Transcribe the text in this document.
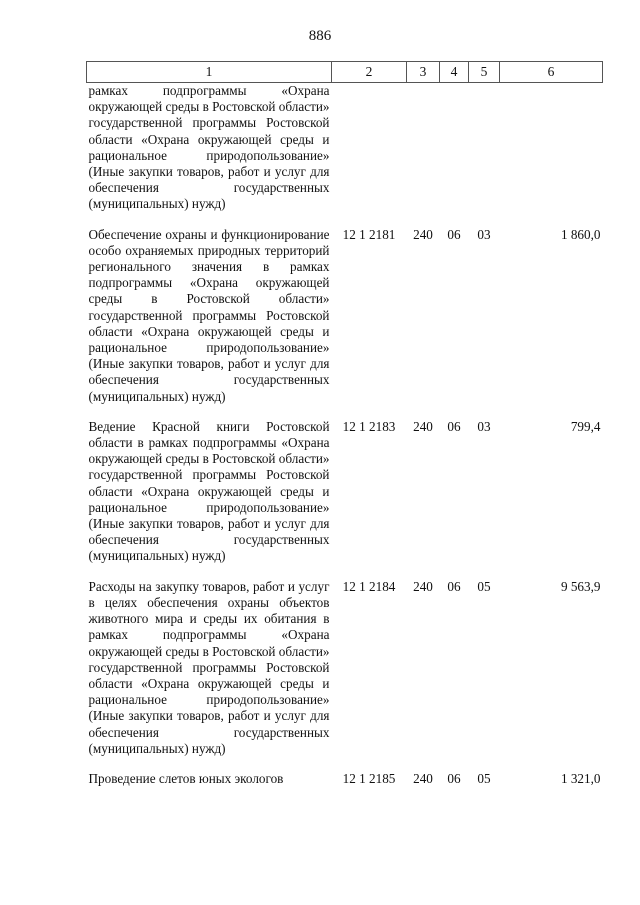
886
1	2	3	4	5	6
рамках подпрограммы «Охрана окружающей среды в Ростовской области» государственной программы Ростовской области «Охрана окружающей среды и рациональное природопользование» (Иные закупки товаров, работ и услуг для обеспечения государственных (муниципальных) нужд)					

Обеспечение охраны и функционирование особо охраняемых природных территорий регионального значения в рамках подпрограммы «Охрана окружающей среды в Ростовской области» государственной программы Ростовской области «Охрана окружающей среды и рациональное природопользование» (Иные закупки товаров, работ и услуг для обеспечения государственных (муниципальных) нужд)	12 1 2181	240	06	03	1 860,0

Ведение Красной книги Ростовской области в рамках подпрограммы «Охрана окружающей среды в Ростовской области» государственной программы Ростовской области «Охрана окружающей среды и рациональное природопользование» (Иные закупки товаров, работ и услуг для обеспечения государственных (муниципальных) нужд)	12 1 2183	240	06	03	799,4

Расходы на закупку товаров, работ и услуг в целях обеспечения охраны объектов животного мира и среды их обитания в рамках подпрограммы «Охрана окружающей среды в Ростовской области» государственной программы Ростовской области «Охрана окружающей среды и рациональное природопользование» (Иные закупки товаров, работ и услуг для обеспечения государственных (муниципальных) нужд)	12 1 2184	240	06	05	9 563,9

Проведение слетов юных экологов	12 1 2185	240	06	05	1 321,0
